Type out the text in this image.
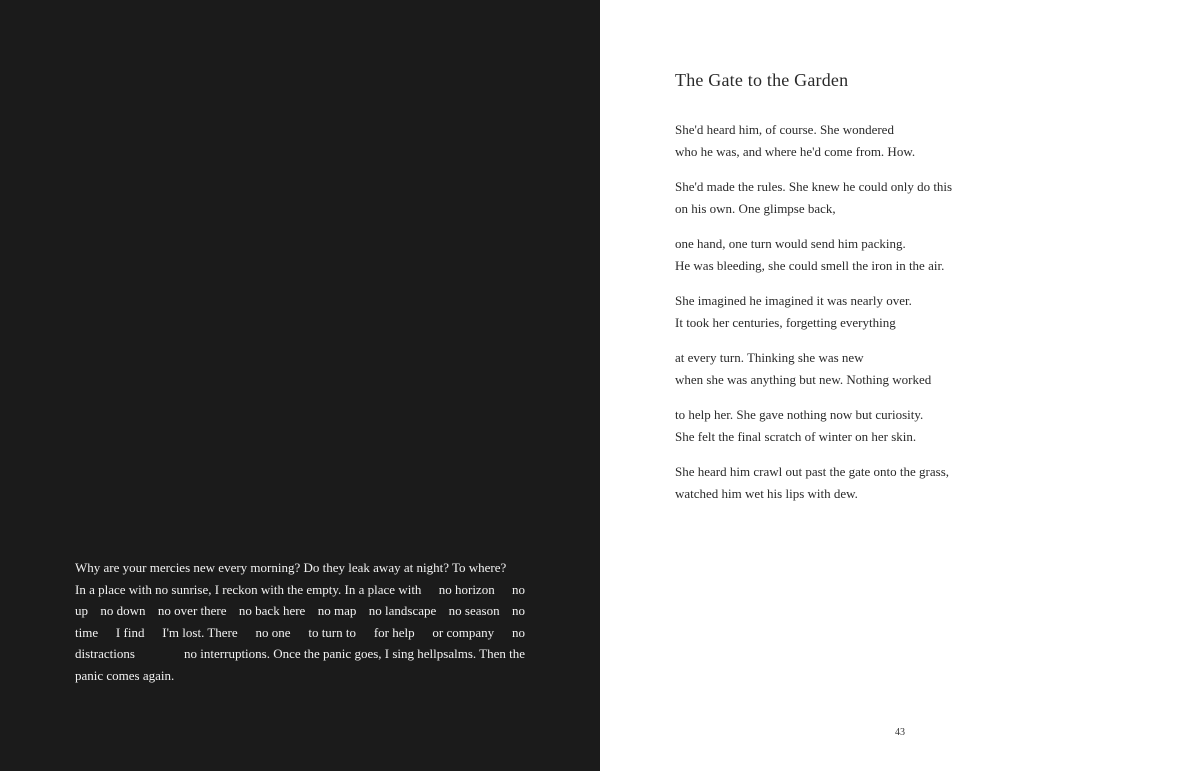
Why are your mercies new every morning? Do they leak away at night? To where?
In a place with no sunrise, I reckon with the empty. In a place with no horizon no
up no down no over there no back here no map no landscape no season no
time I find I'm lost. There no one to turn to for help or company no
distractions	no interruptions. Once the panic goes, I sing hellpsalms. Then the
panic comes again.
The Gate to the Garden
She'd heard him, of course. She wondered
who he was, and where he'd come from. How.
She'd made the rules. She knew he could only do this
on his own. One glimpse back,
one hand, one turn would send him packing.
He was bleeding, she could smell the iron in the air.
She imagined he imagined it was nearly over.
It took her centuries, forgetting everything
at every turn. Thinking she was new
when she was anything but new. Nothing worked
to help her. She gave nothing now but curiosity.
She felt the final scratch of winter on her skin.
She heard him crawl out past the gate onto the grass,
watched him wet his lips with dew.
43
